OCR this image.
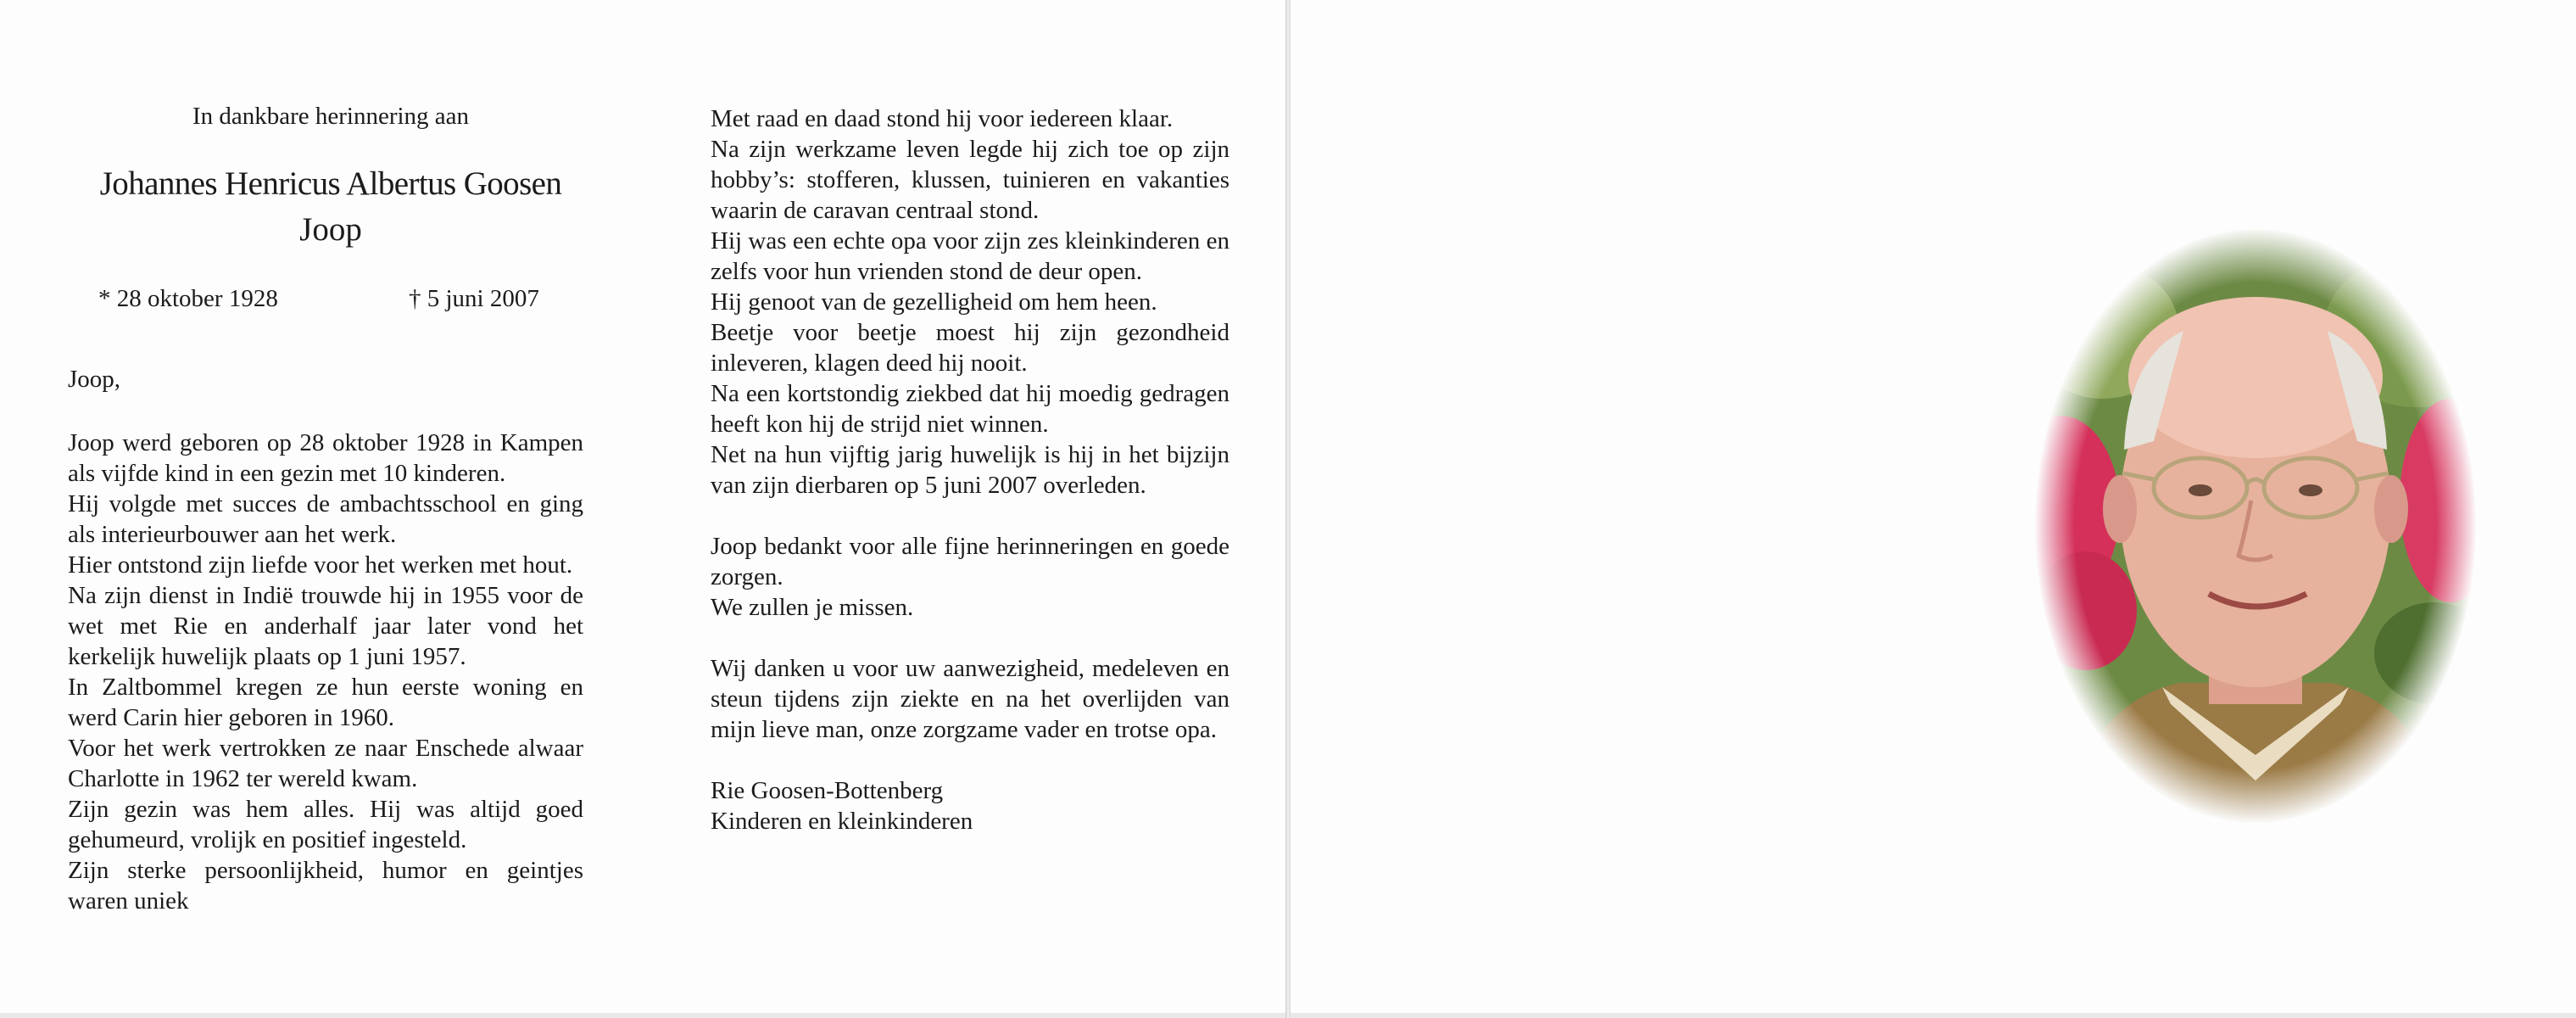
In dankbare herinnering aan
Johannes Henricus Albertus Goosen
Joop
* 28 oktober 1928	† 5 juni 2007
Joop,

Joop werd geboren op 28 oktober 1928 in Kampen als vijfde kind in een gezin met 10 kinderen.

Hij volgde met succes de ambachtsschool en ging als interieurbouwer aan het werk.

Hier ontstond zijn liefde voor het werken met hout.

Na zijn dienst in Indië trouwde hij in 1955 voor de wet met Rie en anderhalf jaar later vond het kerkelijk huwelijk plaats op 1 juni 1957.

In Zaltbommel kregen ze hun eerste woning en werd Carin hier geboren in 1960.

Voor het werk vertrokken ze naar Enschede alwaar Charlotte in 1962 ter wereld kwam.

Zijn gezin was hem alles. Hij was altijd goed gehumeurd, vrolijk en positief ingesteld.

Zijn sterke persoonlijkheid, humor en geintjes waren uniek

Met raad en daad stond hij voor iedereen klaar.

Na zijn werkzame leven legde hij zich toe op zijn hobby’s: stofferen, klussen, tuinieren en vakanties waarin de caravan centraal stond.

Hij was een echte opa voor zijn zes kleinkinderen en zelfs voor hun vrienden stond de deur open.

Hij genoot van de gezelligheid om hem heen.

Beetje voor beetje moest hij zijn gezondheid inleveren, klagen deed hij nooit.

Na een kortstondig ziekbed dat hij moedig gedragen heeft kon hij de strijd niet winnen.

Net na hun vijftig jarig huwelijk is hij in het bijzijn van zijn dierbaren op 5 juni 2007 overleden.

Joop bedankt voor alle fijne herinneringen en goede zorgen.

We zullen je missen.

Wij danken u voor uw aanwezigheid, medeleven en steun tijdens zijn ziekte en na het overlijden van mijn lieve man, onze zorgzame vader en trotse opa.

Rie Goosen-Bottenberg

Kinderen en kleinkinderen
